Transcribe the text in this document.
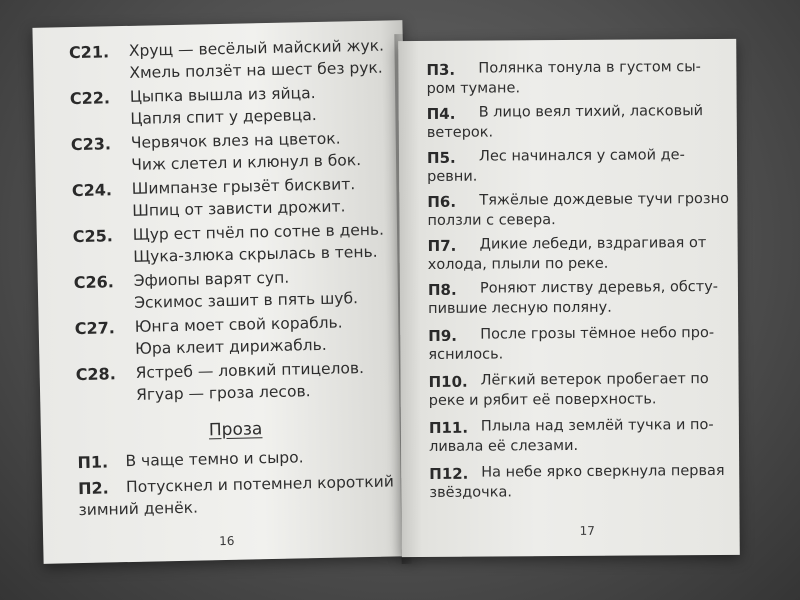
С21. Хрущ — весёлый майский жук.
Хмель ползёт на шест без рук.
С22. Цыпка вышла из яйца.
Цапля спит у деревца.
С23. Червячок влез на цветок.
Чиж слетел и клюнул в бок.
С24. Шимпанзе грызёт бисквит.
Шпиц от зависти дрожит.
С25. Щур ест пчёл по сотне в день.
Щука-злюка скрылась в тень.
С26. Эфиопы варят суп.
Эскимос зашит в пять шуб.
С27. Юнга моет свой корабль.
Юра клеит дирижабль.
С28. Ястреб — ловкий птицелов.
Ягуар — гроза лесов.
Проза
П1. В чаще темно и сыро.
П2. Потускнел и потемнел короткий
зимний денёк.
16
П3. Полянка тонула в густом сы-
ром тумане.
П4. В лицо веял тихий, ласковый
ветерок.
П5. Лес начинался у самой де-
ревни.
П6. Тяжёлые дождевые тучи грозно
ползли с севера.
П7. Дикие лебеди, вздрагивая от
холода, плыли по реке.
П8. Роняют листву деревья, обсту-
пившие лесную поляну.
П9. После грозы тёмное небо про-
яснилось.
П10. Лёгкий ветерок пробегает по
реке и рябит её поверхность.
П11. Плыла над землёй тучка и по-
ливала её слезами.
П12. На небе ярко сверкнула первая
звёздочка.
17
